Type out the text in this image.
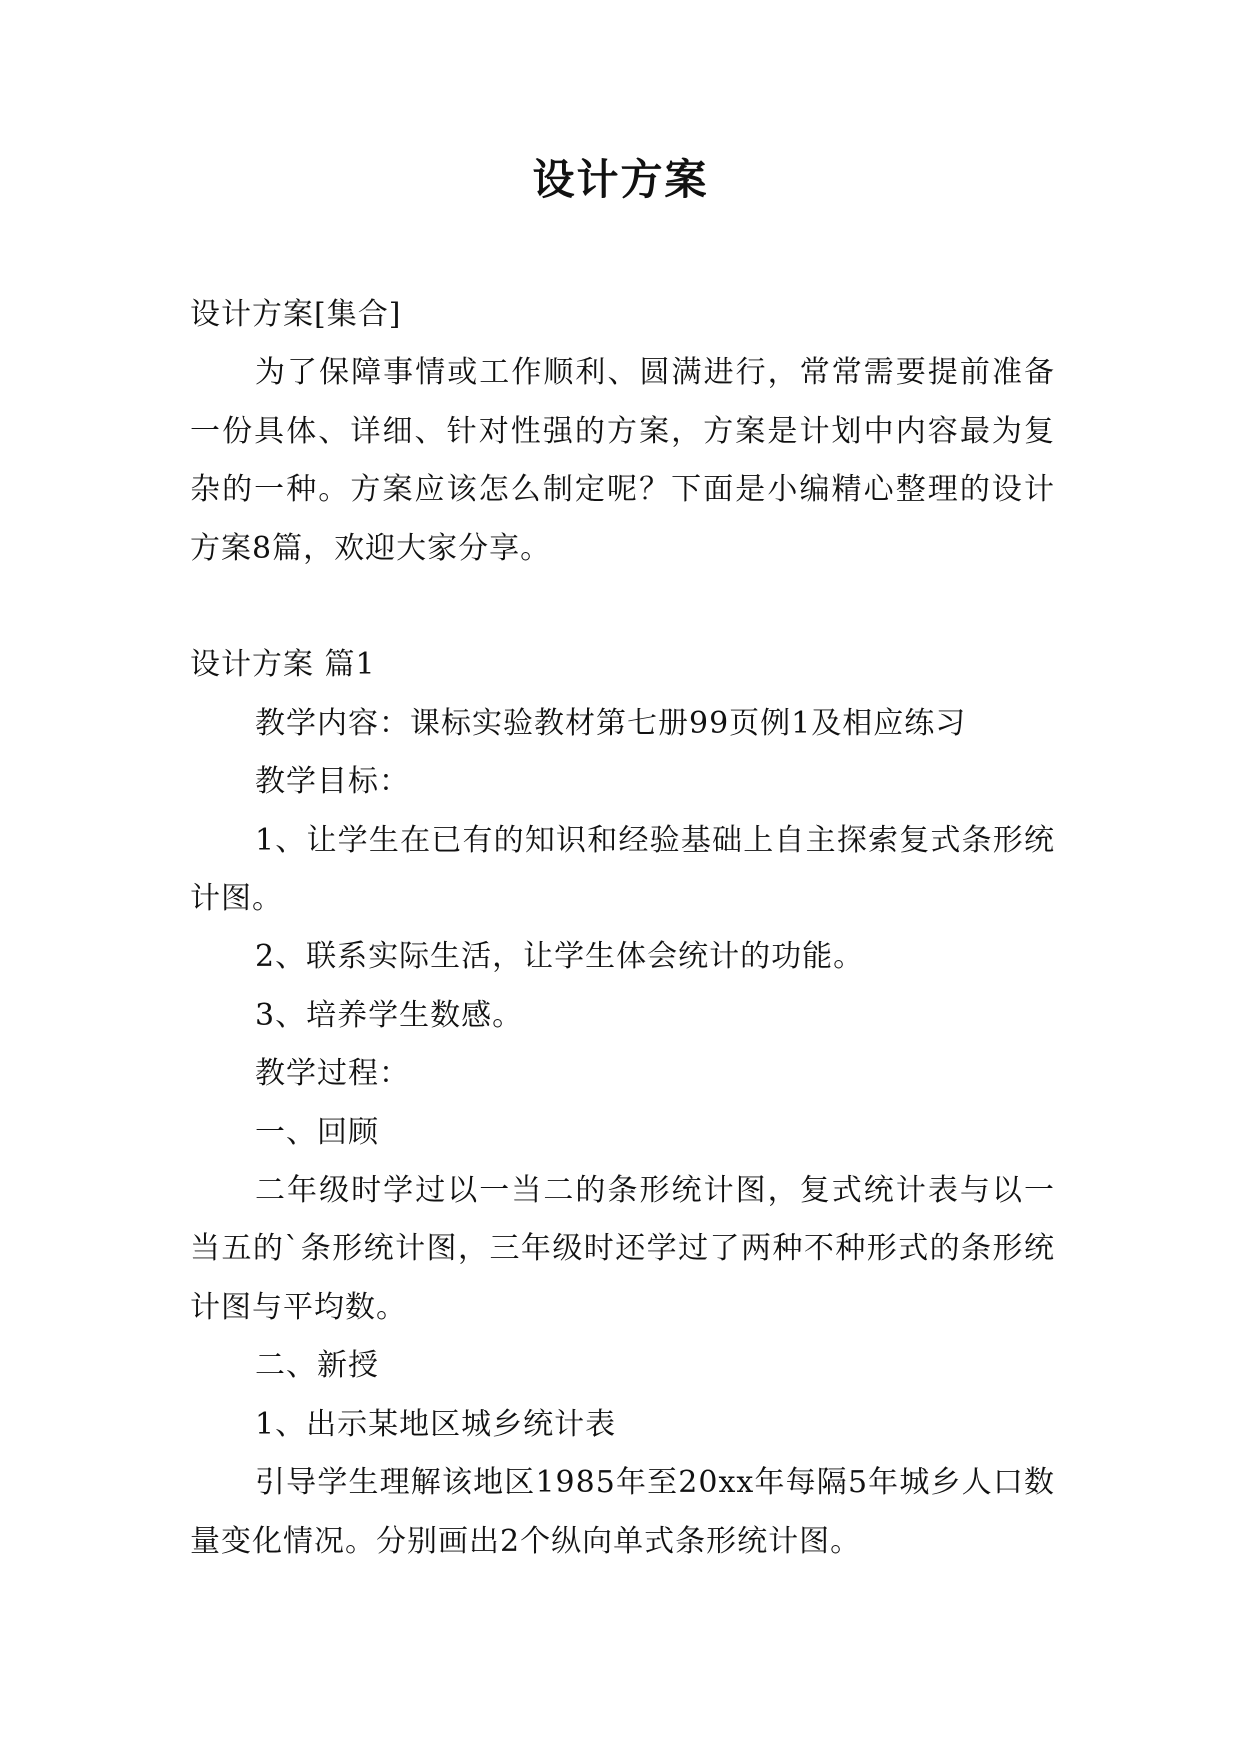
设计方案

设计方案[集合]

为了保障事情或工作顺利、圆满进行，常常需要提前准备一份具体、详细、针对性强的方案，方案是计划中内容最为复杂的一种。方案应该怎么制定呢？下面是小编精心整理的设计方案8篇，欢迎大家分享。

设计方案 篇1

教学内容：课标实验教材第七册99页例1及相应练习

教学目标：

1、让学生在已有的知识和经验基础上自主探索复式条形统计图。

2、联系实际生活，让学生体会统计的功能。

3、培养学生数感。

教学过程：

一、回顾

二年级时学过以一当二的条形统计图，复式统计表与以一当五的`条形统计图，三年级时还学过了两种不种形式的条形统计图与平均数。

二、新授

1、出示某地区城乡统计表

引导学生理解该地区1985年至20xx年每隔5年城乡人口数量变化情况。分别画出2个纵向单式条形统计图。
